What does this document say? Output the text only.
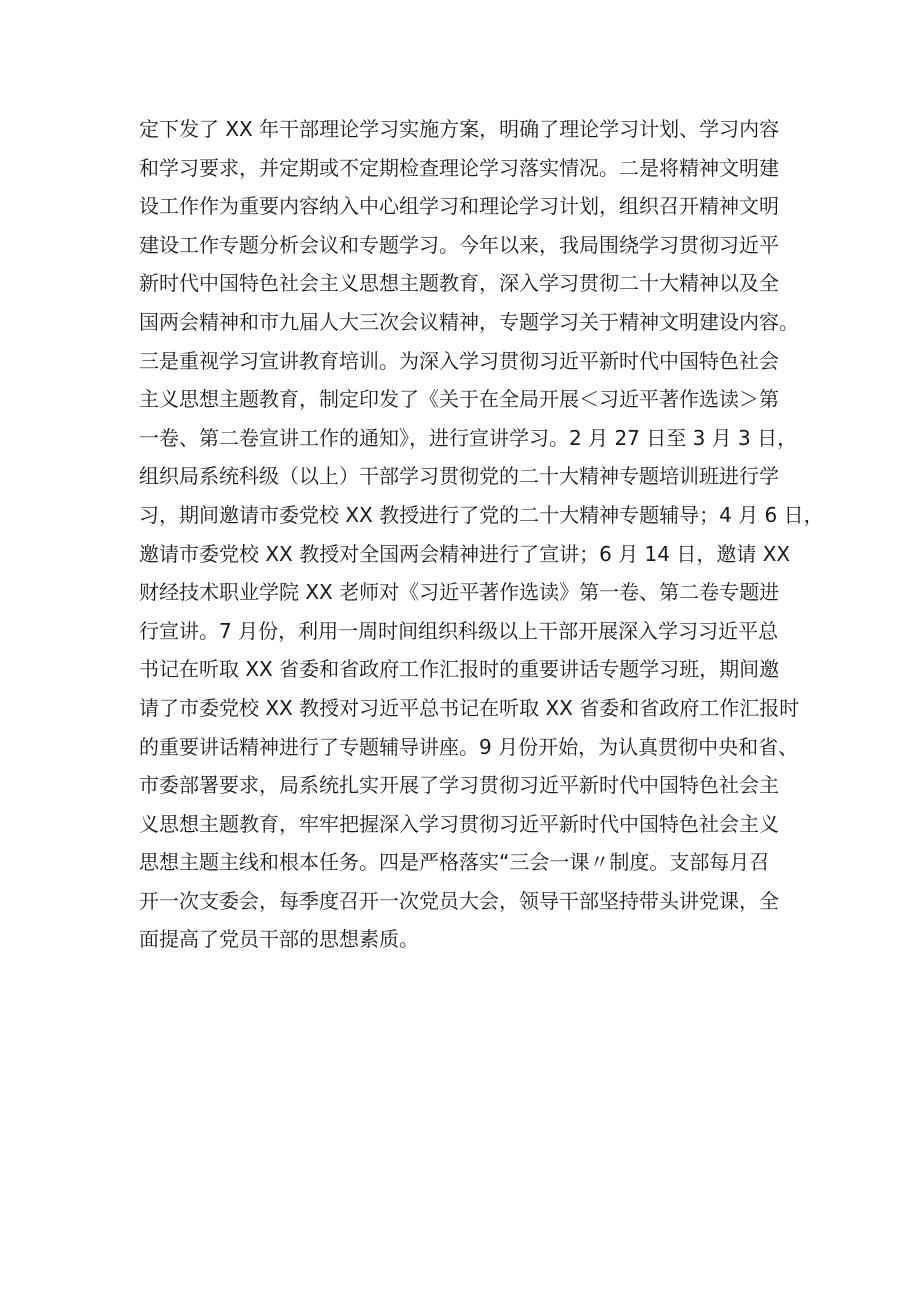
定下发了 XX 年干部理论学习实施方案，明确了理论学习计划、学习内容
和学习要求，并定期或不定期检查理论学习落实情况。二是将精神文明建
设工作作为重要内容纳入中心组学习和理论学习计划，组织召开精神文明
建设工作专题分析会议和专题学习。今年以来，我局围绕学习贯彻习近平
新时代中国特色社会主义思想主题教育，深入学习贯彻二十大精神以及全
国两会精神和市九届人大三次会议精神，专题学习关于精神文明建设内容。
三是重视学习宣讲教育培训。为深入学习贯彻习近平新时代中国特色社会
主义思想主题教育，制定印发了《关于在全局开展＜习近平著作选读＞第
一卷、第二卷宣讲工作的通知》，进行宣讲学习。2 月 27 日至 3 月 3 日，
组织局系统科级（以上）干部学习贯彻党的二十大精神专题培训班进行学
习，期间邀请市委党校 XX 教授进行了党的二十大精神专题辅导；4 月 6 日，
邀请市委党校 XX 教授对全国两会精神进行了宣讲；6 月 14 日，邀请 XX
财经技术职业学院 XX 老师对《习近平著作选读》第一卷、第二卷专题进
行宣讲。7 月份，利用一周时间组织科级以上干部开展深入学习习近平总
书记在听取 XX 省委和省政府工作汇报时的重要讲话专题学习班，期间邀
请了市委党校 XX 教授对习近平总书记在听取 XX 省委和省政府工作汇报时
的重要讲话精神进行了专题辅导讲座。9 月份开始，为认真贯彻中央和省、
市委部署要求，局系统扎实开展了学习贯彻习近平新时代中国特色社会主
义思想主题教育，牢牢把握深入学习贯彻习近平新时代中国特色社会主义
思想主题主线和根本任务。四是严格落实“三会一课〃制度。支部每月召
开一次支委会，每季度召开一次党员大会，领导干部坚持带头讲党课，全
面提高了党员干部的思想素质。
